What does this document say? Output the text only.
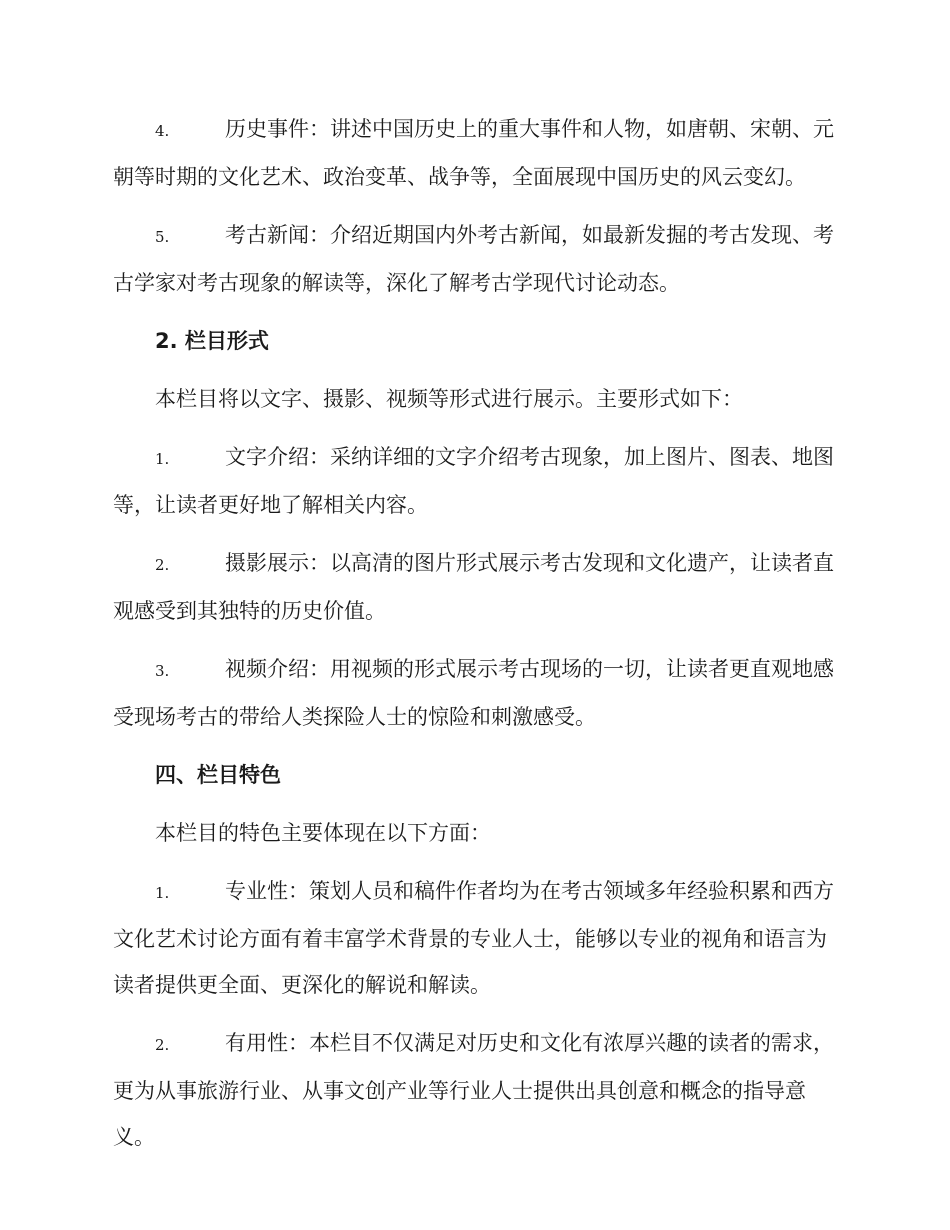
4.	历史事件：讲述中国历史上的重大事件和人物，如唐朝、宋朝、元朝等时期的文化艺术、政治变革、战争等，全面展现中国历史的风云变幻。

5.	考古新闻：介绍近期国内外考古新闻，如最新发掘的考古发现、考古学家对考古现象的解读等，深化了解考古学现代讨论动态。

2. 栏目形式

本栏目将以文字、摄影、视频等形式进行展示。主要形式如下：

1.	文字介绍：采纳详细的文字介绍考古现象，加上图片、图表、地图等，让读者更好地了解相关内容。

2.	摄影展示：以高清的图片形式展示考古发现和文化遗产，让读者直观感受到其独特的历史价值。

3.	视频介绍：用视频的形式展示考古现场的一切，让读者更直观地感受现场考古的带给人类探险人士的惊险和刺激感受。

四、栏目特色

本栏目的特色主要体现在以下方面：

1.	专业性：策划人员和稿件作者均为在考古领域多年经验积累和西方文化艺术讨论方面有着丰富学术背景的专业人士，能够以专业的视角和语言为读者提供更全面、更深化的解说和解读。

2.	有用性：本栏目不仅满足对历史和文化有浓厚兴趣的读者的需求，更为从事旅游行业、从事文创产业等行业人士提供出具创意和概念的指导意义。
